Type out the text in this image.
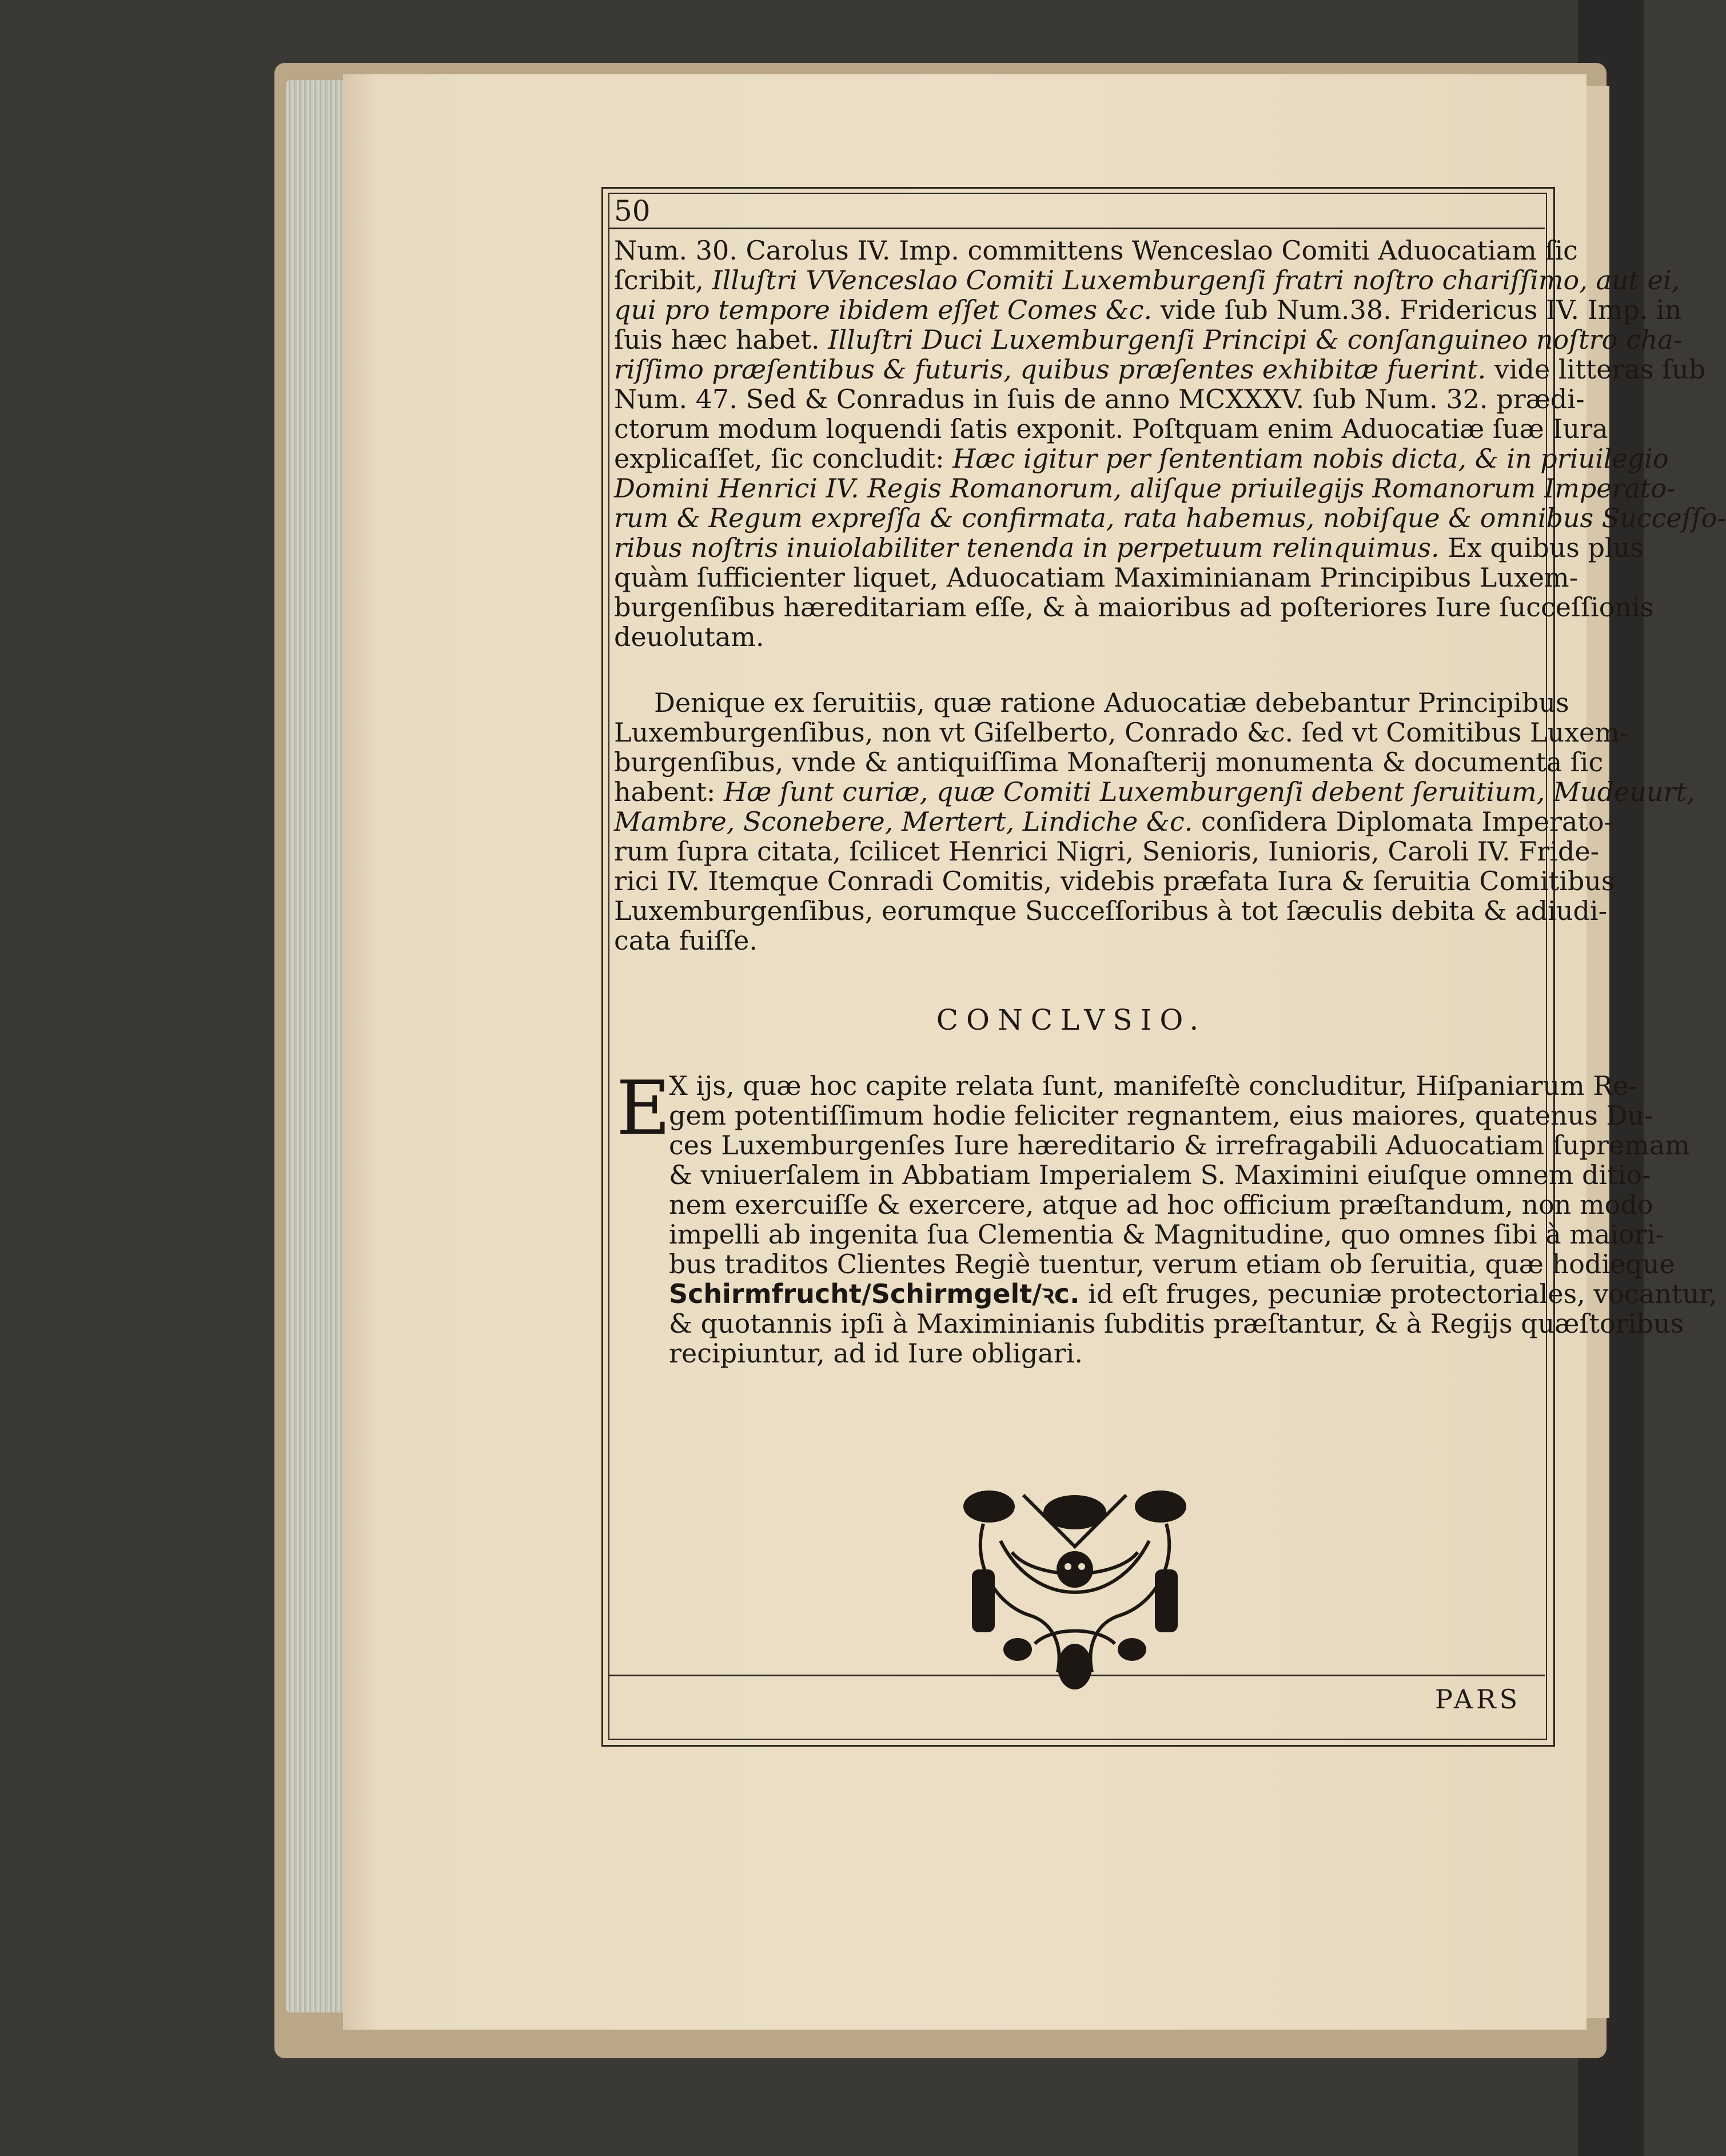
50
Num. 30. Carolus IV. Imp. committens Wenceslao Comiti Aduocatiam ſic
ſcribit, Illuſtri VVenceslao Comiti Luxemburgenſi fratri noſtro chariſſimo, aut ei,
qui pro tempore ibidem eſſet Comes &c. vide ſub Num.38. Fridericus IV. Imp. in
ſuis hæc habet. Illuſtri Duci Luxemburgenſi Principi & conſanguineo noſtro cha-
riſſimo præſentibus & futuris, quibus præſentes exhibitæ fuerint. vide litteras ſub
Num. 47. Sed & Conradus in ſuis de anno MCXXXV. ſub Num. 32. prædi-
ctorum modum loquendi ſatis exponit. Poſtquam enim Aduocatiæ ſuæ Iura
explicaſſet, ſic concludit: Hæc igitur per ſententiam nobis dicta, & in priuilegio
Domini Henrici IV. Regis Romanorum, aliſque priuilegijs Romanorum Imperato-
rum & Regum expreſſa & confirmata, rata habemus, nobiſque & omnibus Succeſſo-
ribus noſtris inuiolabiliter tenenda in perpetuum relinquimus. Ex quibus plus
quàm ſufficienter liquet, Aduocatiam Maximinianam Principibus Luxem-
burgenſibus hæreditariam eſſe, & à maioribus ad poſteriores Iure ſucceſſionis
deuolutam.
Denique ex ſeruitiis, quæ ratione Aduocatiæ debebantur Principibus
Luxemburgenſibus, non vt Giſelberto, Conrado &c. ſed vt Comitibus Luxem-
burgenſibus, vnde & antiquiſſima Monaſterij monumenta & documenta ſic
habent: Hæ ſunt curiæ, quæ Comiti Luxemburgenſi debent ſeruitium, Mudeuurt,
Mambre, Sconebere, Mertert, Lindiche &c. conſidera Diplomata Imperato-
rum ſupra citata, ſcilicet Henrici Nigri, Senioris, Iunioris, Caroli IV. Fride-
rici IV. Itemque Conradi Comitis, videbis præfata Iura & ſeruitia Comitibus
Luxemburgenſibus, eorumque Succeſſoribus à tot ſæculis debita & adiudi-
cata fuiſſe.
CONCLVSIO.
E
X ijs, quæ hoc capite relata ſunt, manifeſtè concluditur, Hiſpaniarum Re-
gem potentiſſimum hodie feliciter regnantem, eius maiores, quatenus Du-
ces Luxemburgenſes Iure hæreditario & irrefragabili Aduocatiam ſupremam
& vniuerſalem in Abbatiam Imperialem S. Maximini eiuſque omnem ditio-
nem exercuiſſe & exercere, atque ad hoc officium præſtandum, non modo
impelli ab ingenita ſua Clementia & Magnitudine, quo omnes ſibi à maiori-
bus traditos Clientes Regiè tuentur, verum etiam ob ſeruitia, quæ hodieque
Schirmfrucht/Schirmgelt/ꝛc. id eſt fruges, pecuniæ protectoriales, vocantur,
& quotannis ipſi à Maximinianis ſubditis præſtantur, & à Regijs quæſtoribus
recipiuntur, ad id Iure obligari.
PARS
